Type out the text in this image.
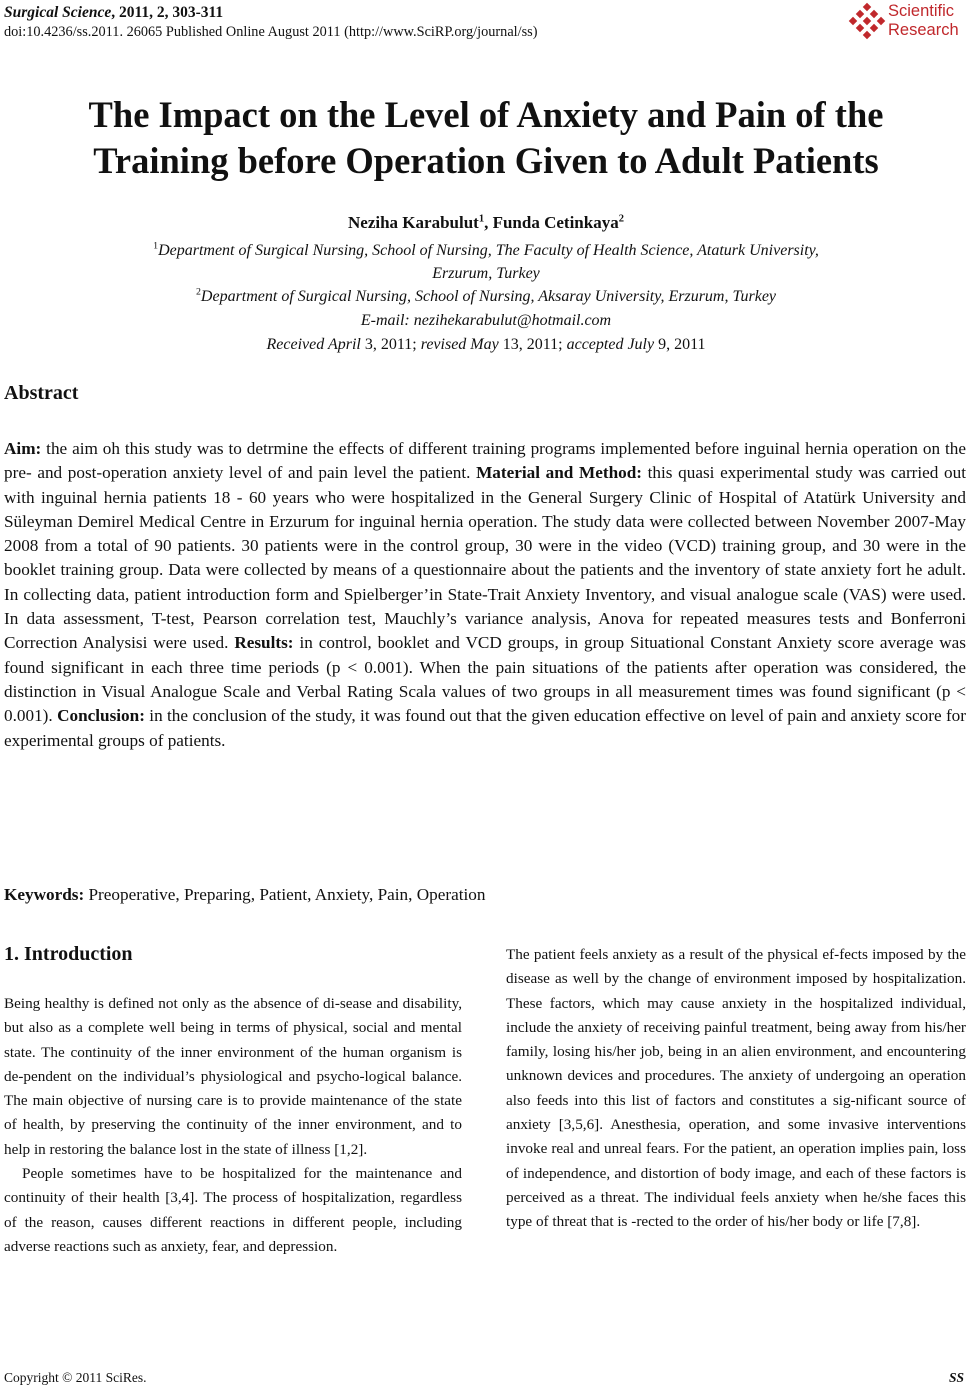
Surgical Science, 2011, 2, 303-311
doi:10.4236/ss.2011. 26065 Published Online August 2011 (http://www.SciRP.org/journal/ss)
Scientific
Research
The Impact on the Level of Anxiety and Pain of the
Training before Operation Given to Adult Patients
Neziha Karabulut$^1$, Funda Cetinkaya$^2$
$^1$Department of Surgical Nursing, School of Nursing, The Faculty of Health Science, Ataturk University,
Erzurum, Turkey
$^2$Department of Surgical Nursing, School of Nursing, Aksaray University, Erzurum, Turkey
E-mail: nezihekarabulut@hotmail.com
Received April 3, 2011; revised May 13, 2011; accepted July 9, 2011
Abstract
Aim: the aim oh this study was to detrmine the effects of different training programs implemented before inguinal hernia operation on the pre- and post-operation anxiety level of and pain level the patient. Material and Method: this quasi experimental study was carried out with inguinal hernia patients 18 - 60 years who were hospitalized in the General Surgery Clinic of Hospital of Atatürk University and Süleyman Demirel Medical Centre in Erzurum for inguinal hernia operation. The study data were collected between November 2007-May 2008 from a total of 90 patients. 30 patients were in the control group, 30 were in the video (VCD) training group, and 30 were in the booklet training group. Data were collected by means of a questionnaire about the patients and the inventory of state anxiety fort he adult. In collecting data, patient introduction form and Spielberger’in State-Trait Anxiety Inventory, and visual analogue scale (VAS) were used. In data assessment, T-test, Pearson correlation test, Mauchly’s variance analysis, Anova for repeated measures tests and Bonferroni Correction Analysisi were used. Results: in control, booklet and VCD groups, in group Situational Constant Anxiety score average was found significant in each three time periods (p < 0.001). When the pain situations of the patients after operation was considered, the distinction in Visual Analogue Scale and Verbal Rating Scala values of two groups in all measurement times was found significant (p < 0.001). Conclusion: in the conclusion of the study, it was found out that the given education effective on level of pain and anxiety score for experimental groups of patients.
Keywords: Preoperative, Preparing, Patient, Anxiety, Pain, Operation
1. Introduction

Being healthy is defined not only as the absence of di-sease and disability, but also as a complete well being in terms of physical, social and mental state. The continuity of the inner environment of the human organism is de-pendent on the individual’s physiological and psycho-logical balance. The main objective of nursing care is to provide maintenance of the state of health, by preserving the continuity of the inner environment, and to help in restoring the balance lost in the state of illness [1,2].

People sometimes have to be hospitalized for the maintenance and continuity of their health [3,4]. The process of hospitalization, regardless of the reason, causes different reactions in different people, including adverse reactions such as anxiety, fear, and depression.

The patient feels anxiety as a result of the physical ef-fects imposed by the disease as well by the change of environment imposed by hospitalization. These factors, which may cause anxiety in the hospitalized individual, include the anxiety of receiving painful treatment, being away from his/her family, losing his/her job, being in an alien environment, and encountering unknown devices and procedures. The anxiety of undergoing an operation also feeds into this list of factors and constitutes a sig-nificant source of anxiety [3,5,6]. Anesthesia, operation, and some invasive interventions invoke real and unreal fears. For the patient, an operation implies pain, loss of independence, and distortion of body image, and each of these factors is perceived as a threat. The individual feels anxiety when he/she faces this type of threat that is -rected to the order of his/her body or life [7,8].

Copyright © 2011 SciRes.	SS
